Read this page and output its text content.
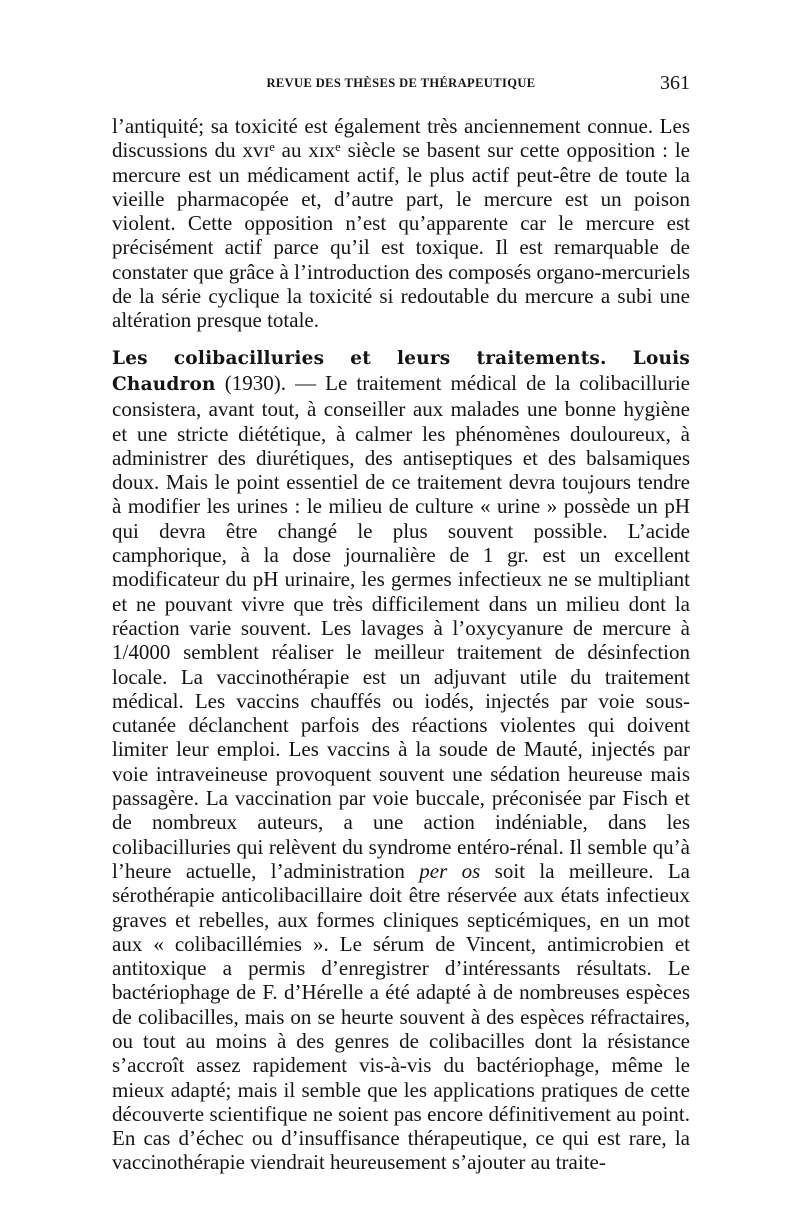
REVUE DES THÈSES DE THÉRAPEUTIQUE	361

l’antiquité; sa toxicité est également très anciennement connue. Les discussions du xvɪᵉ au xɪxᵉ siècle se basent sur cette opposition : le mercure est un médicament actif, le plus actif peut-être de toute la vieille pharmacopée et, d’autre part, le mercure est un poison violent. Cette opposition n’est qu’apparente car le mercure est précisément actif parce qu’il est toxique. Il est remarquable de constater que grâce à l’introduction des composés organo-mercuriels de la série cyclique la toxicité si redoutable du mercure a subi une altération presque totale.

Les colibacilluries et leurs traitements. Louis Chaudron (1930). — Le traitement médical de la colibacillurie consistera, avant tout, à conseiller aux malades une bonne hygiène et une stricte diététique, à calmer les phénomènes douloureux, à administrer des diurétiques, des antiseptiques et des balsamiques doux. Mais le point essentiel de ce traitement devra toujours tendre à modifier les urines : le milieu de culture « urine » possède un pH qui devra être changé le plus souvent possible. L’acide camphorique, à la dose journalière de 1 gr. est un excellent modificateur du pH urinaire, les germes infectieux ne se multipliant et ne pouvant vivre que très difficilement dans un milieu dont la réaction varie souvent. Les lavages à l’oxycyanure de mercure à 1/4000 semblent réaliser le meilleur traitement de désinfection locale. La vaccinothérapie est un adjuvant utile du traitement médical. Les vaccins chauffés ou iodés, injectés par voie sous-cutanée déclanchent parfois des réactions violentes qui doivent limiter leur emploi. Les vaccins à la soude de Mauté, injectés par voie intraveineuse provoquent souvent une sédation heureuse mais passagère. La vaccination par voie buccale, préconisée par Fisch et de nombreux auteurs, a une action indéniable, dans les colibacilluries qui relèvent du syndrome entéro-rénal. Il semble qu’à l’heure actuelle, l’administration per os soit la meilleure. La sérothérapie anticolibacillaire doit être réservée aux états infectieux graves et rebelles, aux formes cliniques septicémiques, en un mot aux « colibacillémies ». Le sérum de Vincent, antimicrobien et antitoxique a permis d’enregistrer d’intéressants résultats. Le bactériophage de F. d’Hérelle a été adapté à de nombreuses espèces de colibacilles, mais on se heurte souvent à des espèces réfractaires, ou tout au moins à des genres de colibacilles dont la résistance s’accroît assez rapidement vis-à-vis du bactériophage, même le mieux adapté; mais il semble que les applications pratiques de cette découverte scientifique ne soient pas encore définitivement au point. En cas d’échec ou d’insuffisance thérapeutique, ce qui est rare, la vaccinothérapie viendrait heureusement s’ajouter au traite-
